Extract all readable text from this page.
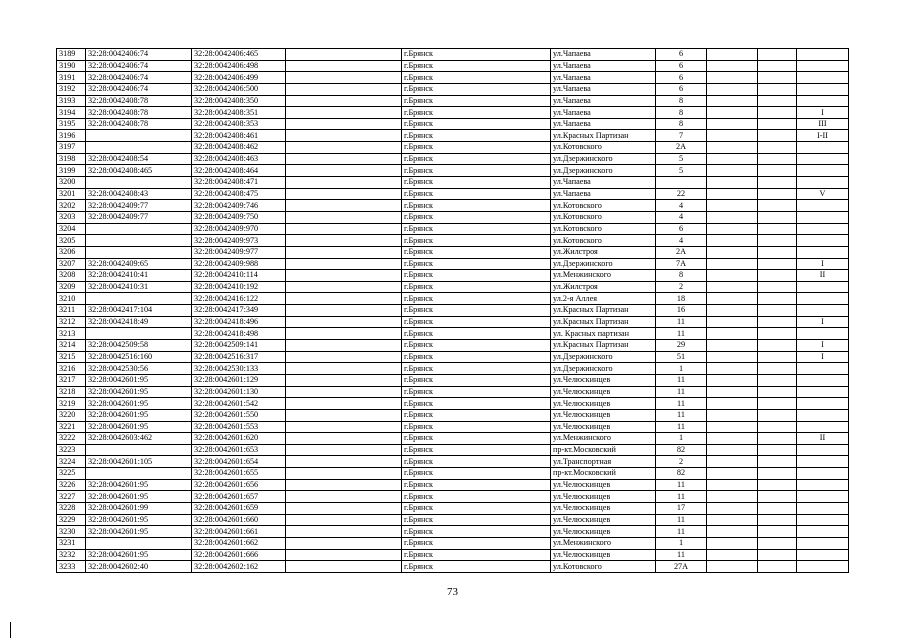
3189	32:28:0042406:74	32:28:0042406:465		г.Брянск	ул.Чапаева	6			
3190	32:28:0042406:74	32:28:0042406:498		г.Брянск	ул.Чапаева	6			
3191	32:28:0042406:74	32:28:0042406:499		г.Брянск	ул.Чапаева	6			
3192	32:28:0042406:74	32:28:0042406:500		г.Брянск	ул.Чапаева	6			
3193	32:28:0042408:78	32:28:0042408:350		г.Брянск	ул.Чапаева	8			
3194	32:28:0042408:78	32:28:0042408:351		г.Брянск	ул.Чапаева	8			I
3195	32:28:0042408:78	32:28:0042408:353		г.Брянск	ул.Чапаева	8			III
3196		32:28:0042408:461		г.Брянск	ул.Красных Партизан	7			I-II
3197		32:28:0042408:462		г.Брянск	ул.Котовского	2А			
3198	32:28:0042408:54	32:28:0042408:463		г.Брянск	ул.Дзержинского	5			
3199	32:28:0042408:465	32:28:0042408:464		г.Брянск	ул.Дзержинского	5			
3200		32:28:0042408:471		г.Брянск	ул.Чапаева				
3201	32:28:0042408:43	32:28:0042408:475		г.Брянск	ул.Чапаева	22			V
3202	32:28:0042409:77	32:28:0042409:746		г.Брянск	ул.Котовского	4			
3203	32:28:0042409:77	32:28:0042409:750		г.Брянск	ул.Котовского	4			
3204		32:28:0042409:970		г.Брянск	ул.Котовского	6			
3205		32:28:0042409:973		г.Брянск	ул.Котовского	4			
3206		32:28:0042409:977		г.Брянск	ул.Жилстроя	2А			
3207	32:28:0042409:65	32:28:0042409:988		г.Брянск	ул.Дзержинского	7А			I
3208	32:28:0042410:41	32:28:0042410:114		г.Брянск	ул.Менжинского	8			II
3209	32:28:0042410:31	32:28:0042410:192		г.Брянск	ул.Жилстроя	2			
3210		32:28:0042416:122		г.Брянск	ул.2-я Аллея	18			
3211	32:28:0042417:104	32:28:0042417:349		г.Брянск	ул.Красных Партизан	16			
3212	32:28:0042418:49	32:28:0042418:496		г.Брянск	ул.Красных Партизан	11			I
3213		32:28:0042418:498		г.Брянск	ул. Красных партизан	11			
3214	32:28:0042509:58	32:28:0042509:141		г.Брянск	ул.Красных Партизан	29			I
3215	32:28:0042516:160	32:28:0042516:317		г.Брянск	ул.Дзержинского	51			I
3216	32:28:0042530:56	32:28:0042530:133		г.Брянск	ул.Дзержинского	1			
3217	32:28:0042601:95	32:28:0042601:129		г.Брянск	ул.Челюскинцев	11			
3218	32:28:0042601:95	32:28:0042601:130		г.Брянск	ул.Челюскинцев	11			
3219	32:28:0042601:95	32:28:0042601:542		г.Брянск	ул.Челюскинцев	11			
3220	32:28:0042601:95	32:28:0042601:550		г.Брянск	ул.Челюскинцев	11			
3221	32:28:0042601:95	32:28:0042601:553		г.Брянск	ул.Челюскинцев	11			
3222	32:28:0042603:462	32:28:0042601:620		г.Брянск	ул.Менжинского	1			II
3223		32:28:0042601:653		г.Брянск	пр-кт.Московский	82			
3224	32:28:0042601:105	32:28:0042601:654		г.Брянск	ул.Транспортная	2			
3225		32:28:0042601:655		г.Брянск	пр-кт.Московский	82			
3226	32:28:0042601:95	32:28:0042601:656		г.Брянск	ул.Челюскинцев	11			
3227	32:28:0042601:95	32:28:0042601:657		г.Брянск	ул.Челюскинцев	11			
3228	32:28:0042601:99	32:28:0042601:659		г.Брянск	ул.Челюскинцев	17			
3229	32:28:0042601:95	32:28:0042601:660		г.Брянск	ул.Челюскинцев	11			
3230	32:28:0042601:95	32:28:0042601:661		г.Брянск	ул.Челюскинцев	11			
3231		32:28:0042601:662		г.Брянск	ул.Менжинского	1			
3232	32:28:0042601:95	32:28:0042601:666		г.Брянск	ул.Челюскинцев	11			
3233	32:28:0042602:40	32:28:0042602:162		г.Брянск	ул.Котовского	27А			
73
